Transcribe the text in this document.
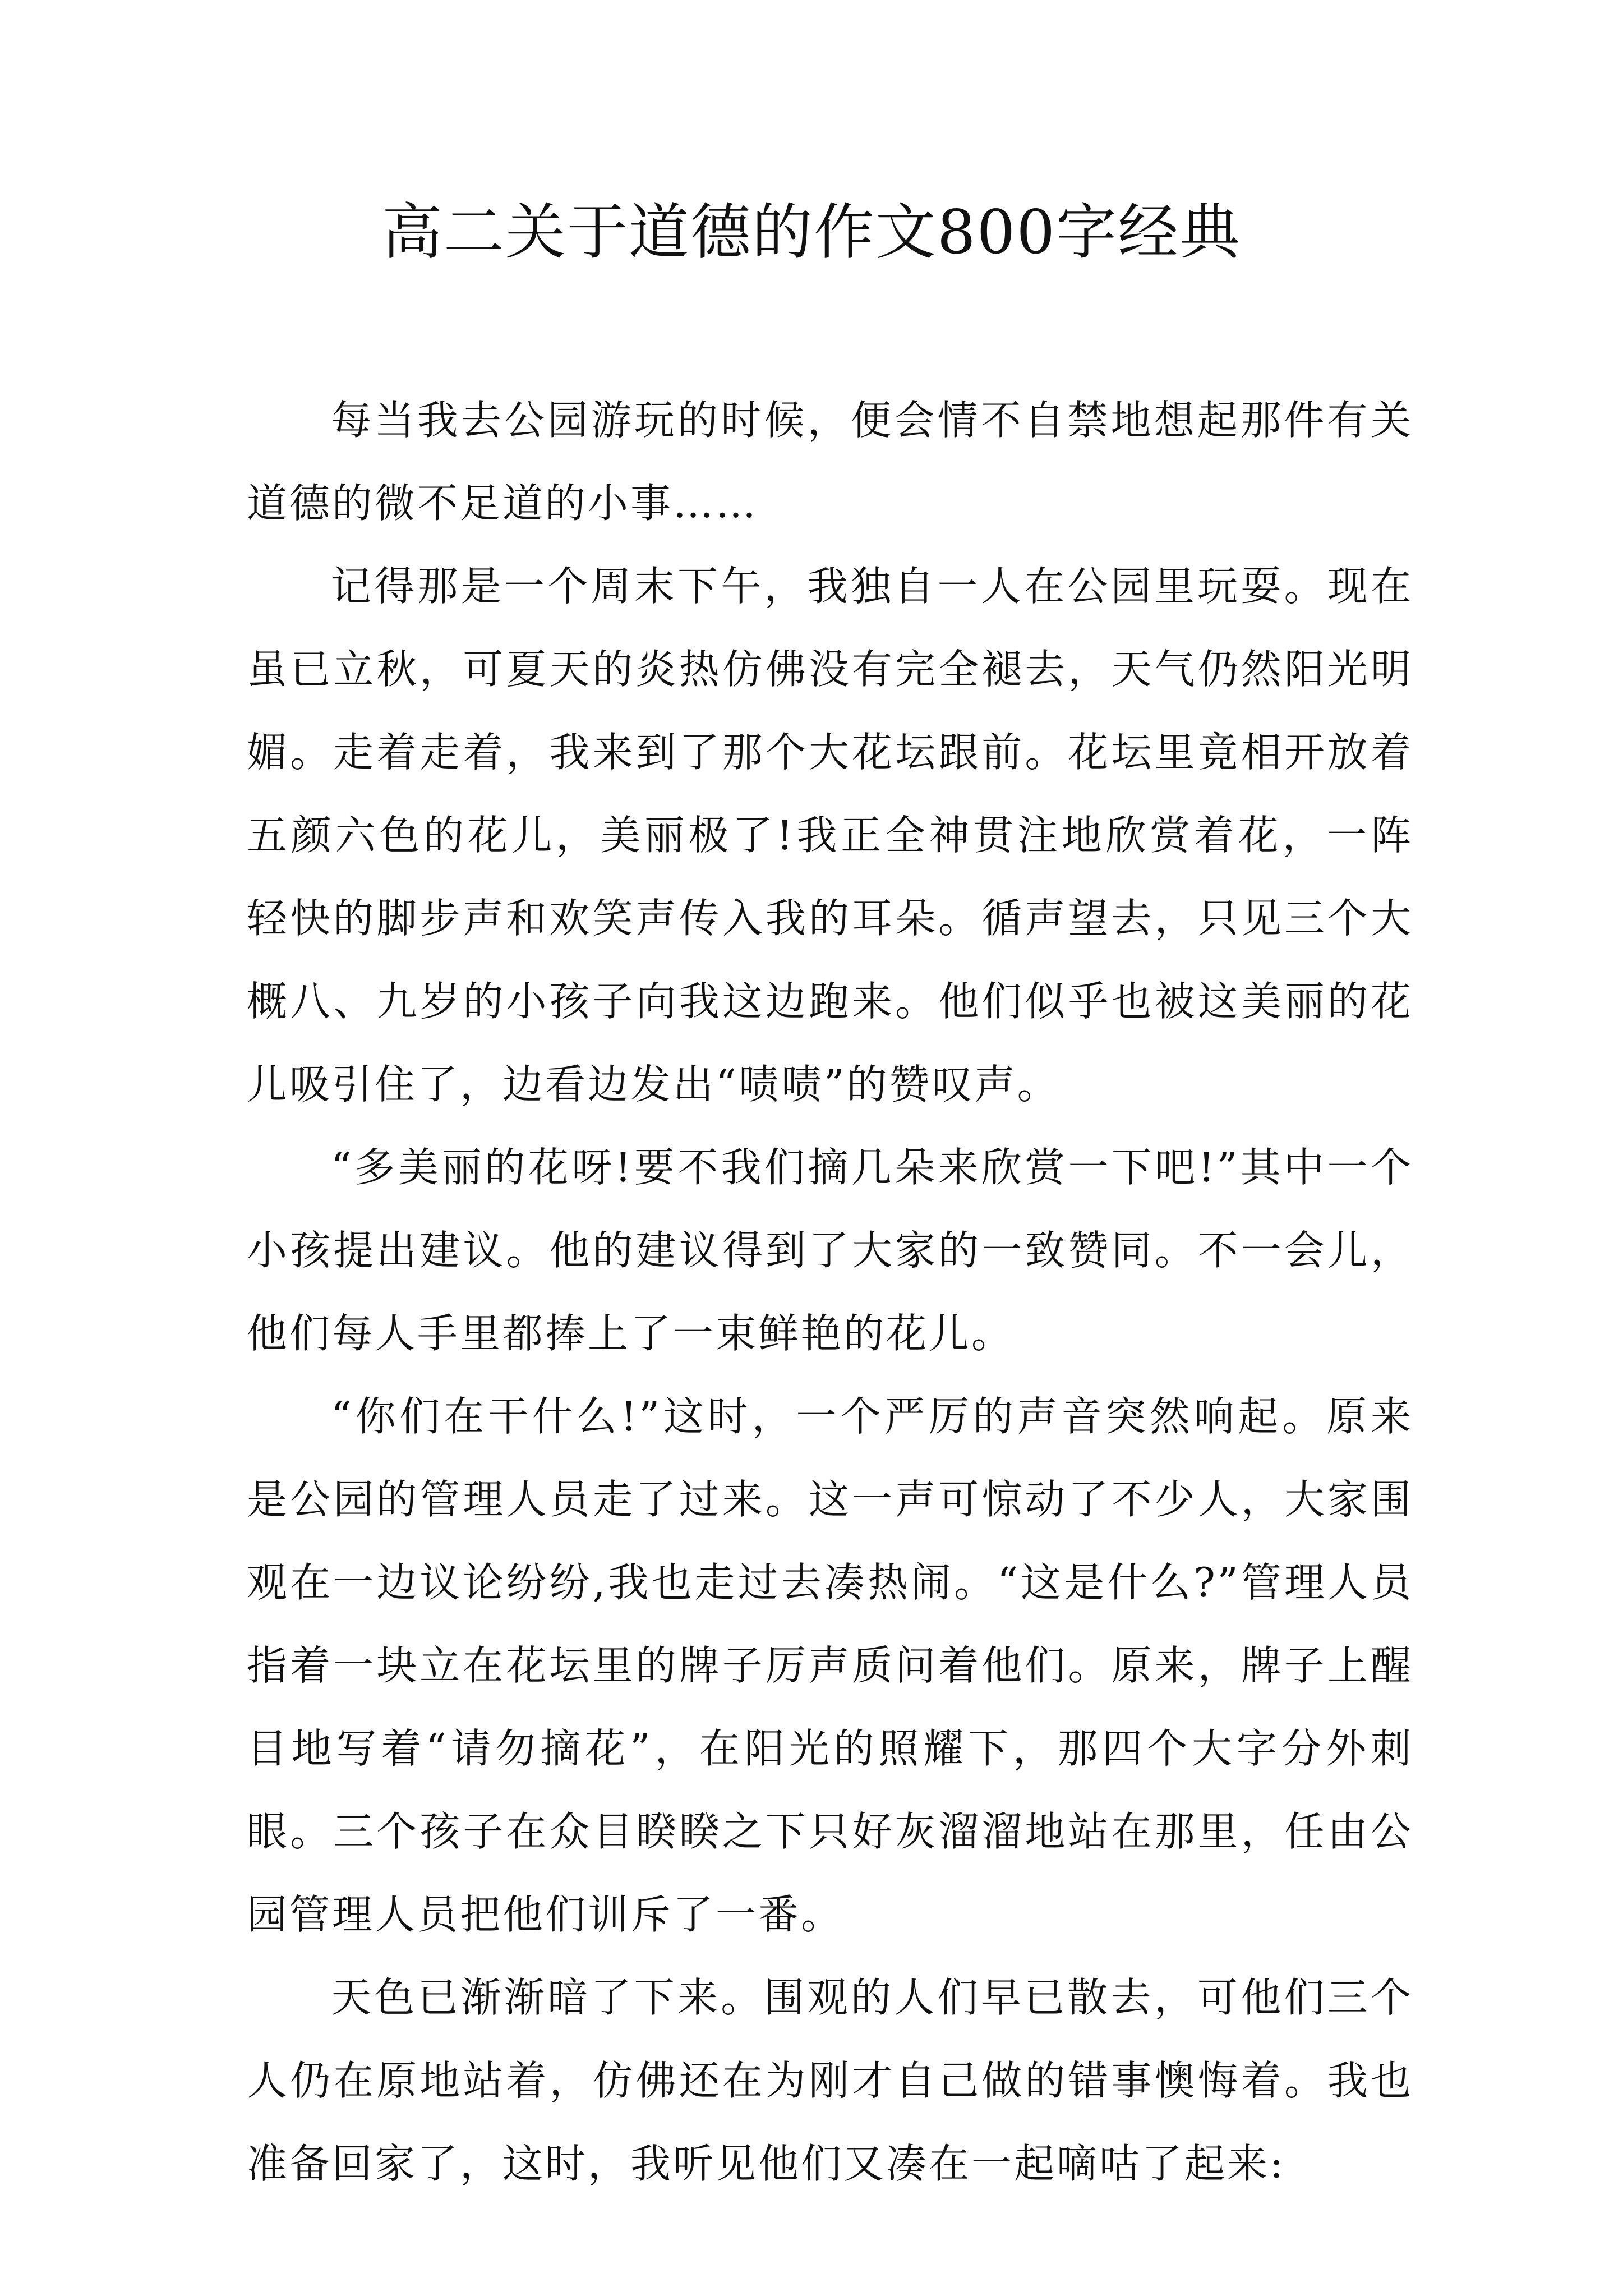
高二关于道德的作文800字经典

每当我去公园游玩的时候，便会情不自禁地想起那件有关道德的微不足道的小事……

记得那是一个周末下午，我独自一人在公园里玩耍。现在虽已立秋，可夏天的炎热仿佛没有完全褪去，天气仍然阳光明媚。走着走着，我来到了那个大花坛跟前。花坛里竟相开放着五颜六色的花儿，美丽极了!我正全神贯注地欣赏着花，一阵轻快的脚步声和欢笑声传入我的耳朵。循声望去，只见三个大概八、九岁的小孩子向我这边跑来。他们似乎也被这美丽的花儿吸引住了，边看边发出“啧啧”的赞叹声。

“多美丽的花呀!要不我们摘几朵来欣赏一下吧!”其中一个小孩提出建议。他的建议得到了大家的一致赞同。不一会儿，他们每人手里都捧上了一束鲜艳的花儿。

“你们在干什么!”这时，一个严厉的声音突然响起。原来是公园的管理人员走了过来。这一声可惊动了不少人，大家围观在一边议论纷纷,我也走过去凑热闹。“这是什么?”管理人员指着一块立在花坛里的牌子厉声质问着他们。原来，牌子上醒目地写着“请勿摘花”，在阳光的照耀下，那四个大字分外刺眼。三个孩子在众目睽睽之下只好灰溜溜地站在那里，任由公园管理人员把他们训斥了一番。

天色已渐渐暗了下来。围观的人们早已散去，可他们三个人仍在原地站着，仿佛还在为刚才自己做的错事懊悔着。我也准备回家了，这时，我听见他们又凑在一起嘀咕了起来:
